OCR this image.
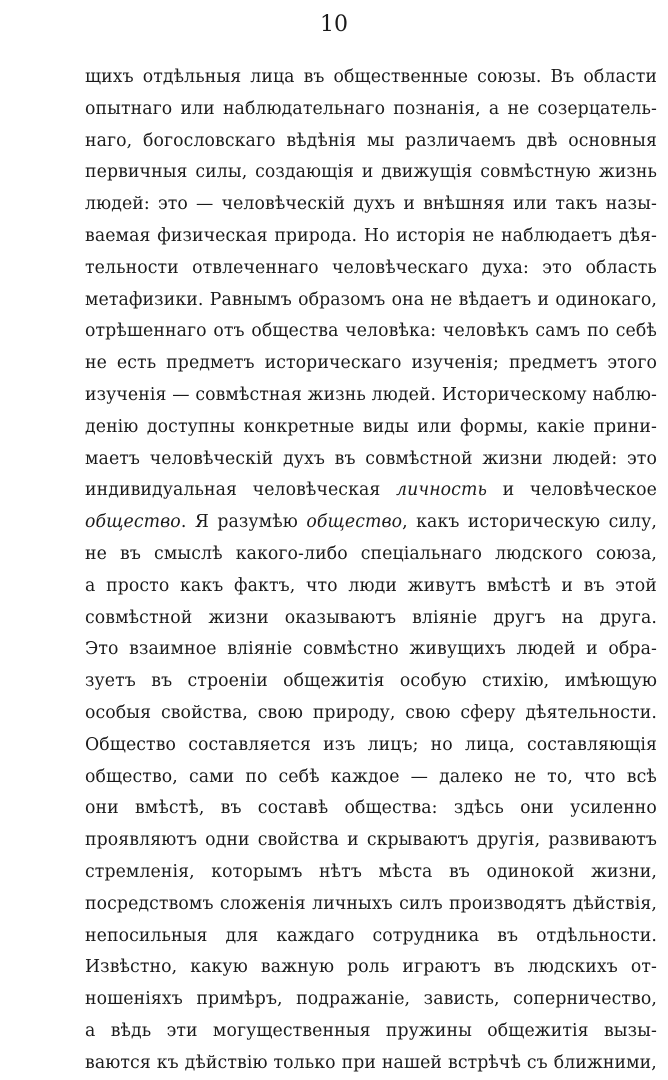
10
щихъ отдѣльныя лица въ общественные союзы. Въ области
опытнаго или наблюдательнаго познанія, а не созерцатель-
наго, богословскаго вѣдѣнія мы различаемъ двѣ основныя
первичныя силы, создающія и движущія совмѣстную жизнь
людей: это — человѣческій духъ и внѣшняя или такъ назы-
ваемая физическая природа. Но исторія не наблюдаетъ дѣя-
тельности отвлеченнаго человѣческаго духа: это область
метафизики. Равнымъ образомъ она не вѣдаетъ и одинокаго,
отрѣшеннаго отъ общества человѣка: человѣкъ самъ по себѣ
не есть предметъ историческаго изученія; предметъ этого
изученія — совмѣстная жизнь людей. Историческому наблю-
денію доступны конкретные виды или формы, какіе прини-
маетъ человѣческій духъ въ совмѣстной жизни людей: это
индивидуальная человѣческая личность и человѣческое
общество. Я разумѣю общество, какъ историческую силу,
не въ смыслѣ какого-либо спеціальнаго людского союза,
а просто какъ фактъ, что люди живутъ вмѣстѣ и въ этой
совмѣстной жизни оказываютъ вліяніе другъ на друга.
Это взаимное вліяніе совмѣстно живущихъ людей и обра-
зуетъ въ строеніи общежитія особую стихію, имѣющую
особыя свойства, свою природу, свою сферу дѣятельности.
Общество составляется изъ лицъ; но лица, составляющія
общество, сами по себѣ каждое — далеко не то, что всѣ
они вмѣстѣ, въ составѣ общества: здѣсь они усиленно
проявляютъ одни свойства и скрываютъ другія, развиваютъ
стремленія, которымъ нѣтъ мѣста въ одинокой жизни,
посредствомъ сложенія личныхъ силъ производятъ дѣйствія,
непосильныя для каждаго сотрудника въ отдѣльности.
Извѣстно, какую важную роль играютъ въ людскихъ от-
ношеніяхъ примѣръ, подражаніе, зависть, соперничество,
а вѣдь эти могущественныя пружины общежитія вызы-
ваются къ дѣйствію только при нашей встрѣчѣ съ ближними,
